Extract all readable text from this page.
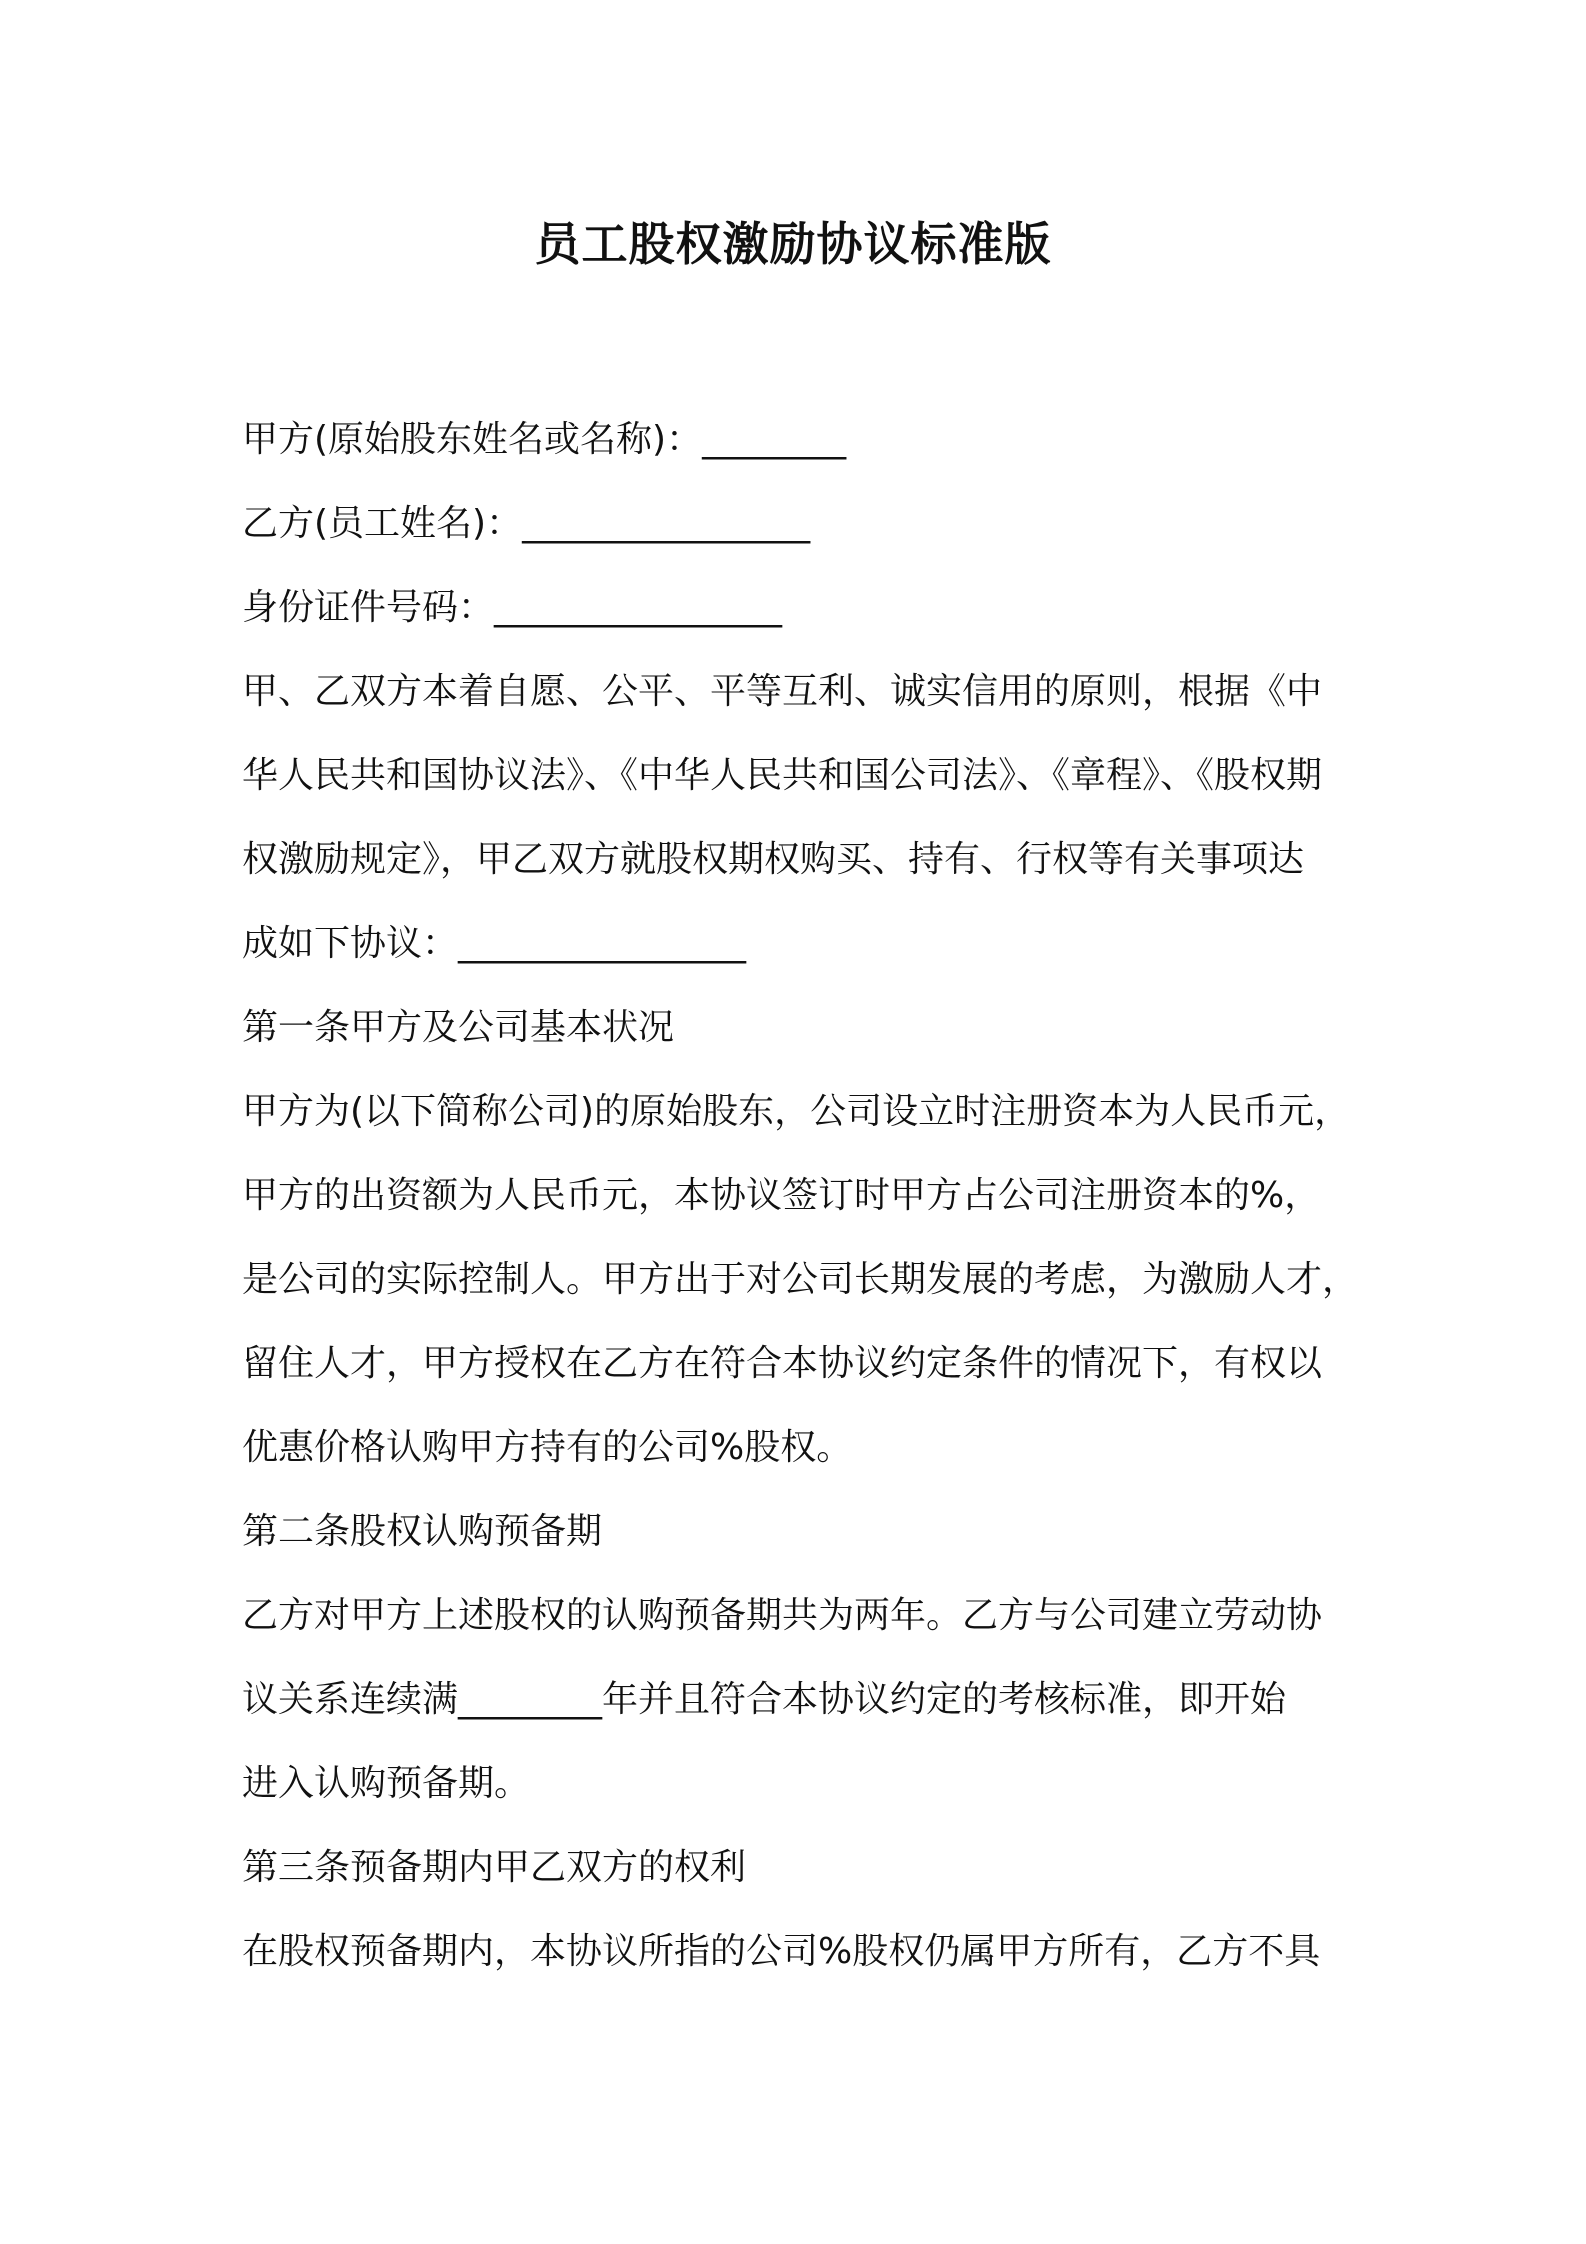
员工股权激励协议标准版
甲方(原始股东姓名或名称)：________
乙方(员工姓名)：________________
身份证件号码：________________
甲、乙双方本着自愿、公平、平等互利、诚实信用的原则，根据《中
华人民共和国协议法》、《中华人民共和国公司法》、《章程》、《股权期
权激励规定》，甲乙双方就股权期权购买、持有、行权等有关事项达
成如下协议：________________
第一条甲方及公司基本状况
甲方为(以下简称公司)的原始股东，公司设立时注册资本为人民币元，
甲方的出资额为人民币元，本协议签订时甲方占公司注册资本的%，
是公司的实际控制人。甲方出于对公司长期发展的考虑，为激励人才，
留住人才，甲方授权在乙方在符合本协议约定条件的情况下，有权以
优惠价格认购甲方持有的公司%股权。
第二条股权认购预备期
乙方对甲方上述股权的认购预备期共为两年。乙方与公司建立劳动协
议关系连续满________年并且符合本协议约定的考核标准，即开始
进入认购预备期。
第三条预备期内甲乙双方的权利
在股权预备期内，本协议所指的公司%股权仍属甲方所有，乙方不具
